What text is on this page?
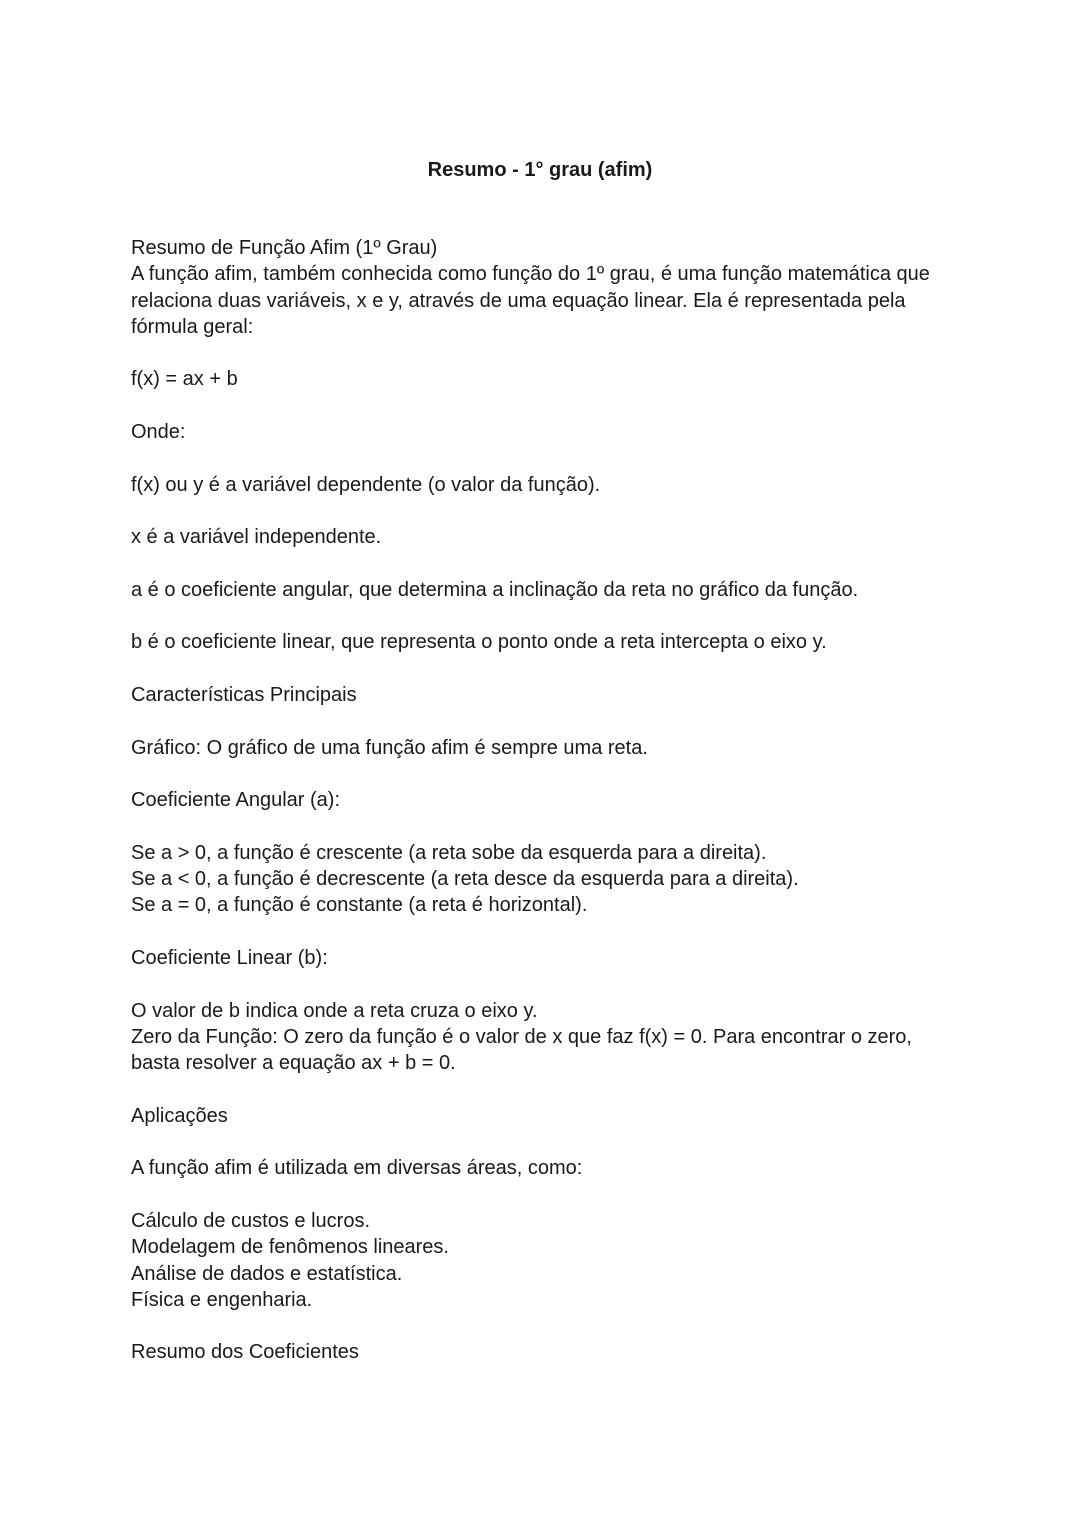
Resumo - 1° grau (afim)

Resumo de Função Afim (1º Grau)

A função afim, também conhecida como função do 1º grau, é uma função matemática que relaciona duas variáveis, x e y, através de uma equação linear. Ela é representada pela fórmula geral:

f(x) = ax + b

Onde:

f(x) ou y é a variável dependente (o valor da função).

x é a variável independente.

a é o coeficiente angular, que determina a inclinação da reta no gráfico da função.

b é o coeficiente linear, que representa o ponto onde a reta intercepta o eixo y.

Características Principais

Gráfico: O gráfico de uma função afim é sempre uma reta.

Coeficiente Angular (a):

Se a > 0, a função é crescente (a reta sobe da esquerda para a direita).

Se a < 0, a função é decrescente (a reta desce da esquerda para a direita).

Se a = 0, a função é constante (a reta é horizontal).

Coeficiente Linear (b):

O valor de b indica onde a reta cruza o eixo y.

Zero da Função: O zero da função é o valor de x que faz f(x) = 0. Para encontrar o zero, basta resolver a equação ax + b = 0.

Aplicações

A função afim é utilizada em diversas áreas, como:

Cálculo de custos e lucros.

Modelagem de fenômenos lineares.

Análise de dados e estatística.

Física e engenharia.

Resumo dos Coeficientes
